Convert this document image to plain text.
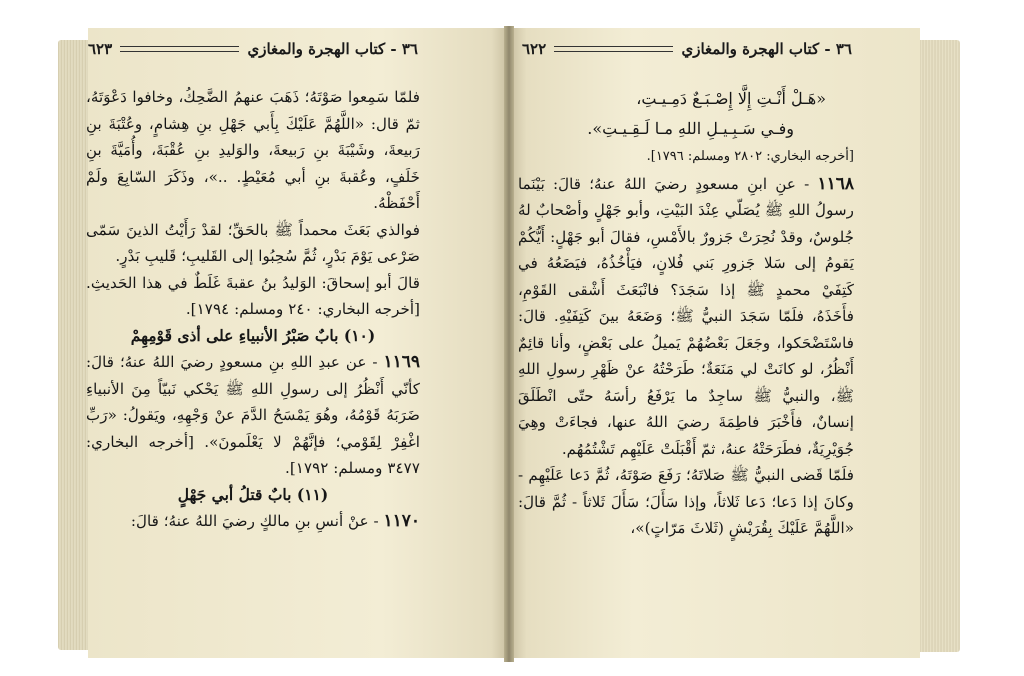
٣٦ - كتاب الهجرة والمغازي
٦٢٣	٣٦ - كتاب الهجرة والمغازي
٦٢٢

فلمّا سَمِعوا صَوْتَهُ؛ ذَهَبَ عنهمُ الضَّحِكُ، وخافوا دَعْوَتَهُ، ثمّ قال: «اللَّهُمَّ عَلَيْكَ بِأَبي جَهْلِ بنِ هِشامٍ، وعُتْبَةَ بنِ رَبيعةَ، وشَيْبَةَ بنِ رَبيعةَ، والوَليدِ بنِ عُقْبَةَ، وأُمَيَّةَ بنِ خَلَفٍ، وعُقبةَ بنِ أبي مُعَيْطٍ. ..»، وذَكَرَ السّابِعَ ولَمْ أَحْفَظْهُ.

فوالذي بَعَثَ محمداً ﷺ بالحَقِّ؛ لقدْ رَأَيْتُ الذينَ سَمّى صَرْعى يَوْمَ بَدْرٍ، ثُمَّ سُحِبُوا إلى القَليبِ؛ قَليبِ بَدْرٍ.

قالَ أبو إسحاقَ: الوَليدُ بنُ عقبةَ غَلَطٌ في هذا الحَديثِ. [أخرجه البخاري: ٢٤٠ ومسلم: ١٧٩٤].

(١٠) بابٌ صَبْرُ الأنبياءِ على أذى قَوْمِهِمْ

١١٦٩ - عن عبدِ اللهِ بنِ مسعودٍ رضيَ اللهُ عنهُ؛ قالَ: كأنّي أَنْظُرُ إلى رسولِ اللهِ ﷺ يَحْكي نَبيّاً مِنَ الأنبياءِ ضَرَبَهُ قَوْمُهُ، وهُوَ يَمْسَحُ الدَّمَ عنْ وَجْهِهِ، ويَقولُ: «رَبِّ اغْفِرْ لِقَوْمي؛ فإنَّهُمْ لا يَعْلَمونَ». [أخرجه البخاري: ٣٤٧٧ ومسلم: ١٧٩٢].

(١١) بابٌ قتلُ أبي جَهْلٍ

١١٧٠ - عنْ أنسِ بنِ مالكٍ رضيَ اللهُ عنهُ؛ قالَ:

«هَـلْ أَنْـتِ إِلَّا إِصْـبَـعٌ دَمِـيـتِ،

وفـي سَـبِـيـلِ اللهِ مـا لَـقِـيـتِ».

[أخرجه البخاري: ٢٨٠٢ ومسلم: ١٧٩٦].

١١٦٨ - عنِ ابنِ مسعودٍ رضيَ اللهُ عنهُ؛ قالَ: بَيْنَما رسولُ اللهِ ﷺ يُصَلّي عِنْدَ البَيْتِ، وأبو جَهْلٍ وأصْحابٌ لهُ جُلوسٌ، وقدْ نُحِرَتْ جَزورٌ بالأَمْسِ، فقالَ أبو جَهْلٍ: أَيُّكُمْ يَقومُ إلى سَلا جَزورِ بَني فُلانٍ، فيَأْخُذُهُ، فيَضَعُهُ في كَتِفَيْ محمدٍ ﷺ إذا سَجَدَ؟ فانْبَعَثَ أَشْقى القَوْمِ، فأَخَذَهُ، فلَمّا سَجَدَ النبيُّ ﷺ؛ وَضَعَهُ بينَ كَتِفَيْهِ. قالَ: فاسْتَضْحَكوا، وجَعَلَ بَعْضُهُمْ يَميلُ على بَعْضٍ، وأنا قائِمٌ أَنْظُرُ، لو كانَتْ لي مَنَعَةٌ؛ طَرَحْتُهُ عنْ ظَهْرِ رسولِ اللهِ ﷺ، والنبيُّ ﷺ ساجِدٌ ما يَرْفَعُ رأسَهُ حتّى انْطَلَقَ إنسانٌ، فأَخْبَرَ فاطِمَةَ رضيَ اللهُ عنها، فجاءَتْ وهِيَ جُوَيْرِيَةٌ، فطَرَحَتْهُ عنهُ، ثمّ أَقْبَلَتْ عَلَيْهِم تَشْتُمُهُم.

فلَمّا قَضى النبيُّ ﷺ صَلاتَهُ؛ رَفَعَ صَوْتَهُ، ثُمَّ دَعا عَلَيْهِم - وكانَ إذا دَعا؛ دَعا ثَلاثاً، وإذا سَأَلَ؛ سَأَلَ ثَلاثاً - ثُمَّ قالَ: «اللَّهُمَّ عَلَيْكَ بِقُرَيْشٍ (ثَلاثَ مَرّاتٍ)»،
